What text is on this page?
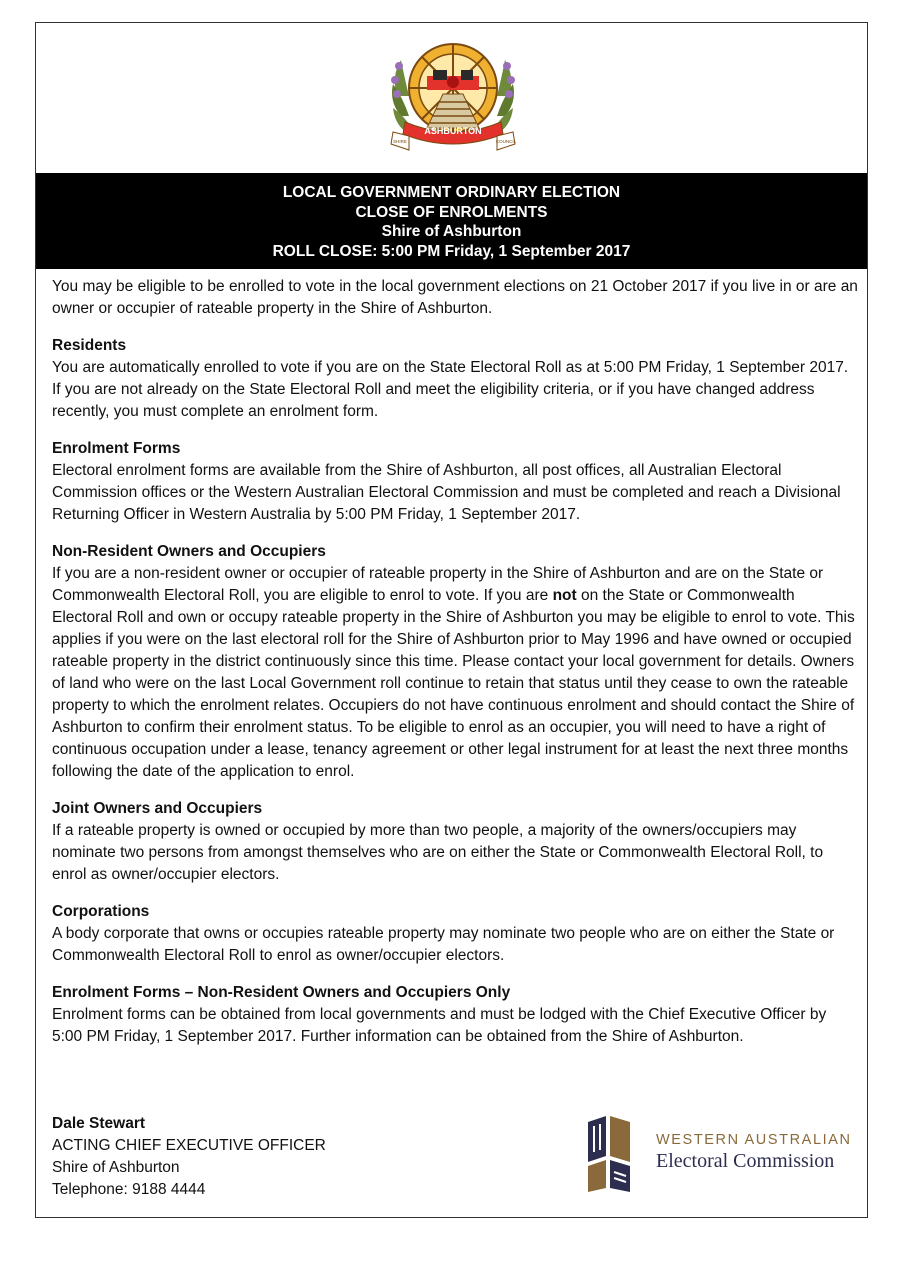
ASHBURTON
SHIRE	COUNCIL
LOCAL GOVERNMENT ORDINARY ELECTION
CLOSE OF ENROLMENTS
Shire of Ashburton
ROLL CLOSE: 5:00 PM Friday, 1 September 2017

You may be eligible to be enrolled to vote in the local government elections on 21 October 2017 if you live in or are an owner or occupier of rateable property in the Shire of Ashburton.

Residents

You are automatically enrolled to vote if you are on the State Electoral Roll as at 5:00 PM Friday, 1 September 2017. If you are not already on the State Electoral Roll and meet the eligibility criteria, or if you have changed address recently, you must complete an enrolment form.

Enrolment Forms

Electoral enrolment forms are available from the Shire of Ashburton, all post offices, all Australian Electoral Commission offices or the Western Australian Electoral Commission and must be completed and reach a Divisional Returning Officer in Western Australia by 5:00 PM Friday, 1 September 2017.

Non-Resident Owners and Occupiers

If you are a non-resident owner or occupier of rateable property in the Shire of Ashburton and are on the State or Commonwealth Electoral Roll, you are eligible to enrol to vote. If you are not on the State or Commonwealth Electoral Roll and own or occupy rateable property in the Shire of Ashburton you may be eligible to enrol to vote. This applies if you were on the last electoral roll for the Shire of Ashburton prior to May 1996 and have owned or occupied rateable property in the district continuously since this time. Please contact your local government for details. Owners of land who were on the last Local Government roll continue to retain that status until they cease to own the rateable property to which the enrolment relates. Occupiers do not have continuous enrolment and should contact the Shire of Ashburton to confirm their enrolment status. To be eligible to enrol as an occupier, you will need to have a right of continuous occupation under a lease, tenancy agreement or other legal instrument for at least the next three months following the date of the application to enrol.

Joint Owners and Occupiers

If a rateable property is owned or occupied by more than two people, a majority of the owners/occupiers may nominate two persons from amongst themselves who are on either the State or Commonwealth Electoral Roll, to enrol as owner/occupier electors.

Corporations

A body corporate that owns or occupies rateable property may nominate two people who are on either the State or Commonwealth Electoral Roll to enrol as owner/occupier electors.

Enrolment Forms – Non-Resident Owners and Occupiers Only

Enrolment forms can be obtained from local governments and must be lodged with the Chief Executive Officer by 5:00 PM Friday, 1 September 2017. Further information can be obtained from the Shire of Ashburton.

Dale Stewart
ACTING CHIEF EXECUTIVE OFFICER
Shire of Ashburton
Telephone: 9188 4444
WESTERN AUSTRALIAN
Electoral Commission
